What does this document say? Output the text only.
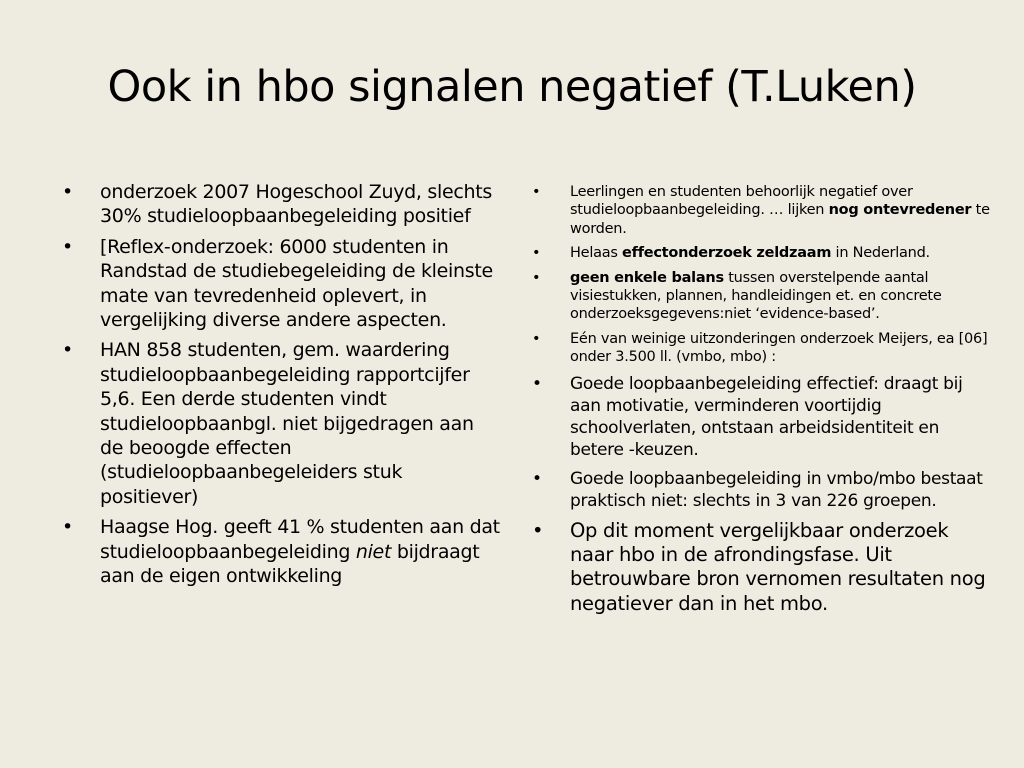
Ook in hbo signalen negatief (T.Luken)
• onderzoek 2007 Hogeschool Zuyd, slechts 30% studieloopbaanbegeleiding positief
• [Reflex-onderzoek: 6000 studenten in Randstad de studiebegeleiding de kleinste mate van tevredenheid oplevert, in vergelijking diverse andere aspecten.
• HAN 858 studenten, gem. waardering studieloopbaanbegeleiding rapportcijfer 5,6. Een derde studenten vindt studieloopbaanbgl. niet bijgedragen aan de beoogde effecten (studieloopbaanbegeleiders stuk positiever)
• Haagse Hog. geeft 41 % studenten aan dat studieloopbaanbegeleiding niet bijdraagt aan de eigen ontwikkeling
• Leerlingen en studenten behoorlijk negatief over studieloopbaanbegeleiding. … lijken nog ontevredener te worden.
• Helaas effectonderzoek zeldzaam in Nederland.
• geen enkele balans tussen overstelpende aantal visiestukken, plannen, handleidingen et. en concrete onderzoeksgegevens:niet ‘evidence-based’.
• Eén van weinige uitzonderingen onderzoek Meijers, ea [06] onder 3.500 ll. (vmbo, mbo) :
• Goede loopbaanbegeleiding effectief: draagt bij aan motivatie, verminderen voortijdig schoolverlaten, ontstaan arbeidsidentiteit en betere -keuzen.
• Goede loopbaanbegeleiding in vmbo/mbo bestaat praktisch niet: slechts in 3 van 226 groepen.
• Op dit moment vergelijkbaar onderzoek naar hbo in de afrondingsfase. Uit betrouwbare bron vernomen resultaten nog negatiever dan in het mbo.
